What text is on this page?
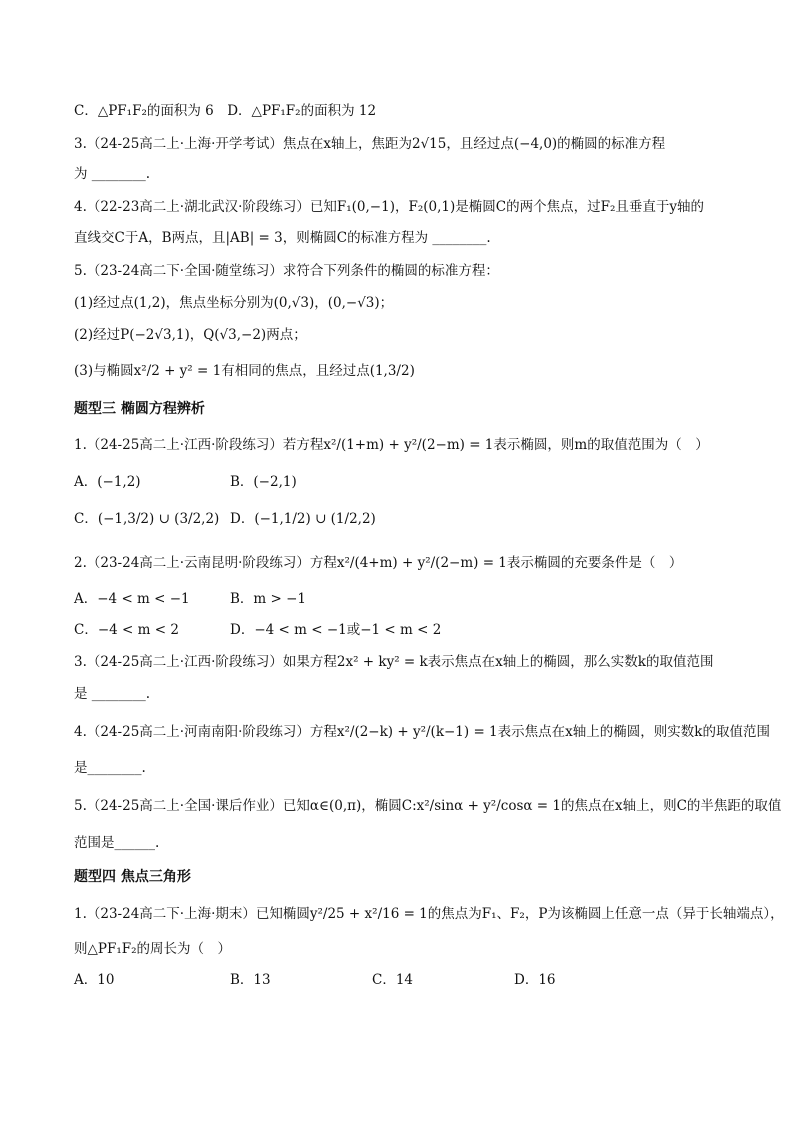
C．△PF₁F₂的面积为 6　D．△PF₁F₂的面积为 12
3.（24-25高二上·上海·开学考试）焦点在x轴上，焦距为2√15，且经过点(−4,0)的椭圆的标准方程
为 ________.
4.（22-23高二上·湖北武汉·阶段练习）已知F₁(0,−1)，F₂(0,1)是椭圆C的两个焦点，过F₂且垂直于y轴的
直线交C于A，B两点，且|AB| = 3，则椭圆C的标准方程为 ________.
5.（23-24高二下·全国·随堂练习）求符合下列条件的椭圆的标准方程：
(1)经过点(1,2)，焦点坐标分别为(0,√3)，(0,−√3)；
(2)经过P(−2√3,1)，Q(√3,−2)两点；
(3)与椭圆x²/2 + y² = 1有相同的焦点，且经过点(1,3/2)
题型三 椭圆方程辨析
1.（24-25高二上·江西·阶段练习）若方程x²/(1+m) + y²/(2−m) = 1表示椭圆，则m的取值范围为（　）
A．(−1,2)	B．(−2,1)
C．(−1,3/2) ∪ (3/2,2) D．(−1,1/2) ∪ (1/2,2)
2.（23-24高二上·云南昆明·阶段练习）方程x²/(4+m) + y²/(2−m) = 1表示椭圆的充要条件是（　）
A．−4 < m < −1	B．m > −1
C．−4 < m < 2	D．−4 < m < −1或−1 < m < 2
3.（24-25高二上·江西·阶段练习）如果方程2x² + ky² = k表示焦点在x轴上的椭圆，那么实数k的取值范围
是 ________.
4.（24-25高二上·河南南阳·阶段练习）方程x²/(2−k) + y²/(k−1) = 1表示焦点在x轴上的椭圆，则实数k的取值范围
是________.
5.（24-25高二上·全国·课后作业）已知α∈(0,π)，椭圆C:x²/sinα + y²/cosα = 1的焦点在x轴上，则C的半焦距的取值
范围是______.
题型四 焦点三角形
1.（23-24高二下·上海·期末）已知椭圆y²/25 + x²/16 = 1的焦点为F₁、F₂，P为该椭圆上任意一点（异于长轴端点），
则△PF₁F₂的周长为（　）
A．10	B．13	C．14	D．16
